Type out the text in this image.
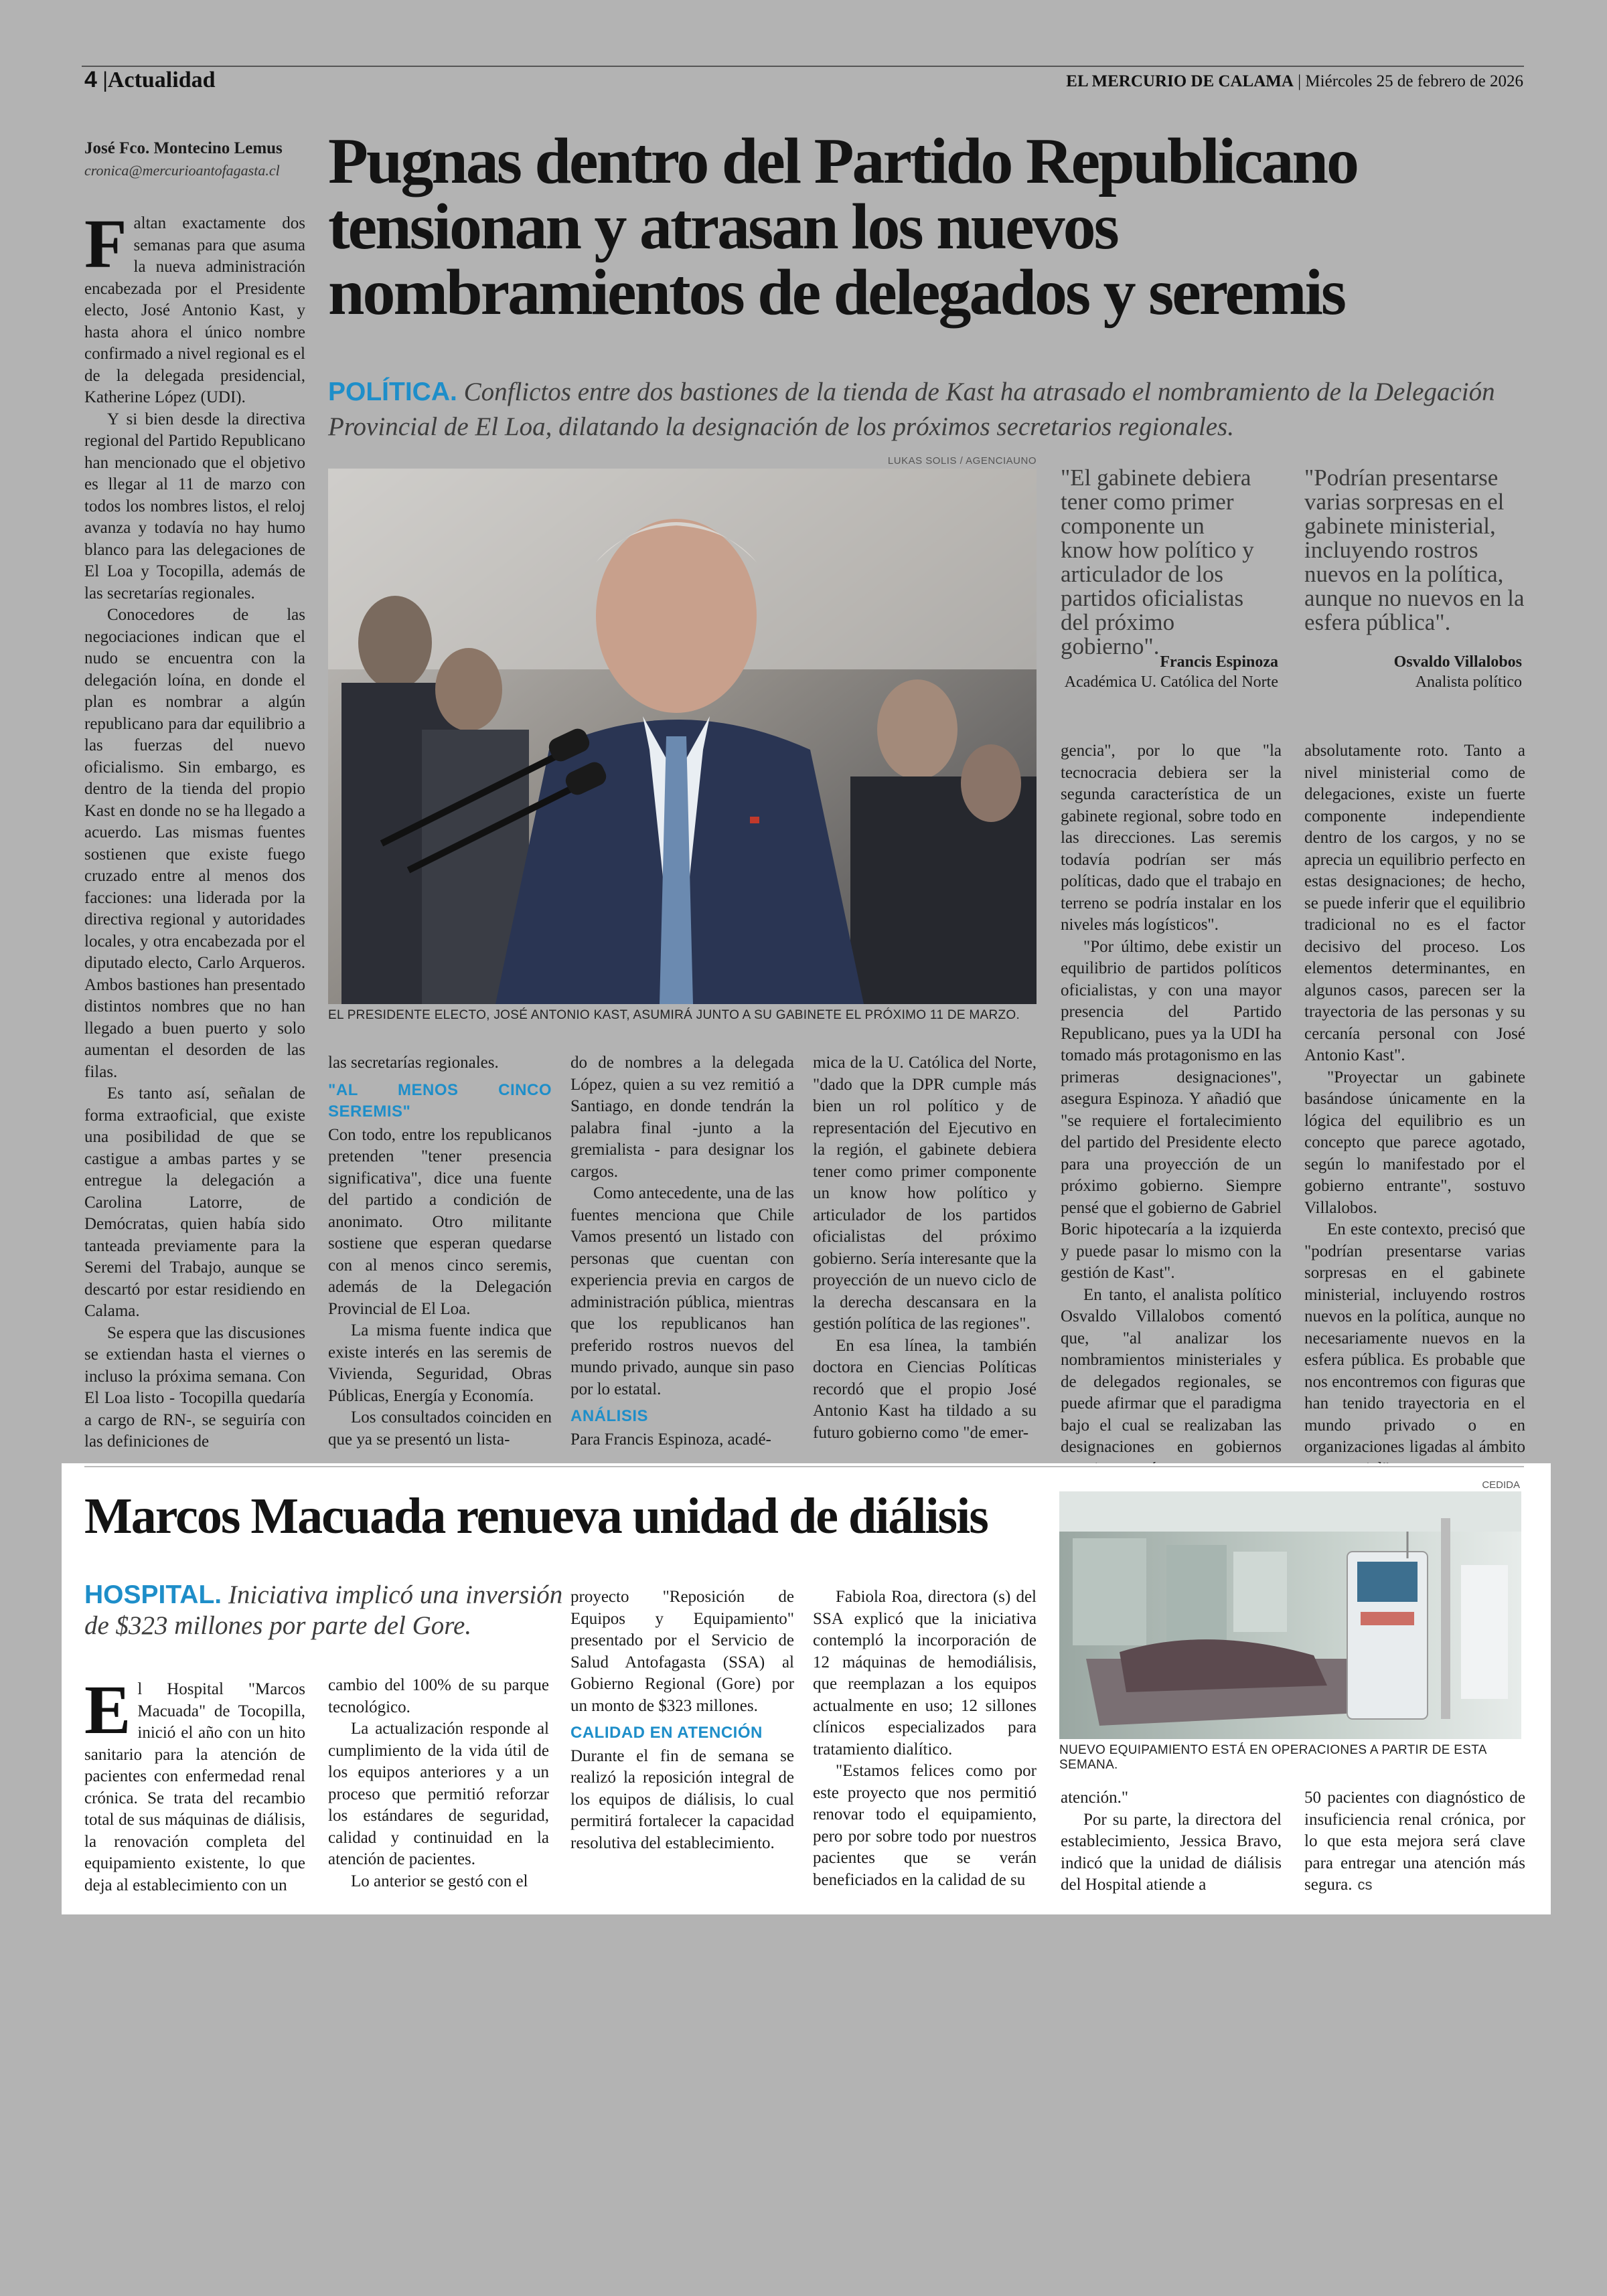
4 |Actualidad	EL MERCURIO DE CALAMA | Miércoles 25 de febrero de 2026
José Fco. Montecino Lemus
cronica@mercurioantofagasta.cl Pugnas dentro del Partido Republicano
tensionan y atrasan los nuevos
nombramientos de delegados y seremis
POLÍTICA. Conflictos entre dos bastiones de la tienda de Kast ha atrasado el nombramiento de la Delegación Provincial de El Loa, dilatando la designación de los próximos secretarios regionales.

Faltan exactamente dos semanas para que asuma la nueva administración encabezada por el Presidente electo, José Antonio Kast, y hasta ahora el único nombre confirmado a nivel regional es el de la delegada presidencial, Katherine López (UDI).

Y si bien desde la directiva regional del Partido Republicano han mencionado que el objetivo es llegar al 11 de marzo con todos los nombres listos, el reloj avanza y todavía no hay humo blanco para las delegaciones de El Loa y Tocopilla, además de las secretarías regionales.

Conocedores de las negociaciones indican que el nudo se encuentra con la delegación loína, en donde el plan es nombrar a algún republicano para dar equilibrio a las fuerzas del nuevo oficialismo. Sin embargo, es dentro de la tienda del propio Kast en donde no se ha llegado a acuerdo. Las mismas fuentes sostienen que existe fuego cruzado entre al menos dos facciones: una liderada por la directiva regional y autoridades locales, y otra encabezada por el diputado electo, Carlo Arqueros. Ambos bastiones han presentado distintos nombres que no han llegado a buen puerto y solo aumentan el desorden de las filas.

Es tanto así, señalan de forma extraoficial, que existe una posibilidad de que se castigue a ambas partes y se entregue la delegación a Carolina Latorre, de Demócratas, quien había sido tanteada previamente para la Seremi del Trabajo, aunque se descartó por estar residiendo en Calama.

Se espera que las discusiones se extiendan hasta el viernes o incluso la próxima semana. Con El Loa listo - Tocopilla quedaría a cargo de RN-, se seguiría con las definiciones de

LUKAS SOLIS / AGENCIAUNO
EL PRESIDENTE ELECTO, JOSÉ ANTONIO KAST, ASUMIRÁ JUNTO A SU GABINETE EL PRÓXIMO 11 DE MARZO.
"El gabinete debiera tener como primer componente un know how político y articulador de los partidos oficialistas del próximo gobierno".
Francis Espinoza
Académica U. Católica del Norte
"Podrían presentarse varias sorpresas en el gabinete ministerial, incluyendo rostros nuevos en la política, aunque no nuevos en la esfera pública".
Osvaldo Villalobos
Analista político

las secretarías regionales.

"AL MENOS CINCO SEREMIS"

Con todo, entre los republicanos pretenden "tener presencia significativa", dice una fuente del partido a condición de anonimato. Otro militante sostiene que esperan quedarse con al menos cinco seremis, además de la Delegación Provincial de El Loa.

La misma fuente indica que existe interés en las seremis de Vivienda, Seguridad, Obras Públicas, Energía y Economía.

Los consultados coinciden en que ya se presentó un lista-

do de nombres a la delegada López, quien a su vez remitió a Santiago, en donde tendrán la palabra final -junto a la gremialista - para designar los cargos.

Como antecedente, una de las fuentes menciona que Chile Vamos presentó un listado con personas que cuentan con experiencia previa en cargos de administración pública, mientras que los republicanos han preferido rostros nuevos del mundo privado, aunque sin paso por lo estatal.

ANÁLISIS

Para Francis Espinoza, acadé-

mica de la U. Católica del Norte, "dado que la DPR cumple más bien un rol político y de representación del Ejecutivo en la región, el gabinete debiera tener como primer componente un know how político y articulador de los partidos oficialistas del próximo gobierno. Sería interesante que la proyección de un nuevo ciclo de la derecha descansara en la gestión política de las regiones".

En esa línea, la también doctora en Ciencias Políticas recordó que el propio José Antonio Kast ha tildado a su futuro gobierno como "de emer-

gencia", por lo que "la tecnocracia debiera ser la segunda característica de un gabinete regional, sobre todo en las direcciones. Las seremis todavía podrían ser más políticas, dado que el trabajo en terreno se podría instalar en los niveles más logísticos".

"Por último, debe existir un equilibrio de partidos políticos oficialistas, y con una mayor presencia del Partido Republicano, pues ya la UDI ha tomado más protagonismo en las primeras designaciones", asegura Espinoza. Y añadió que "se requiere el fortalecimiento del partido del Presidente electo para una proyección de un próximo gobierno. Siempre pensé que el gobierno de Gabriel Boric hipotecaría a la izquierda y puede pasar lo mismo con la gestión de Kast".

En tanto, el analista político Osvaldo Villalobos comentó que, "al analizar los nombramientos ministeriales y de delegados regionales, se puede afirmar que el paradigma bajo el cual se realizaban las designaciones en gobiernos

absolutamente roto. Tanto a nivel ministerial como de delegaciones, existe un fuerte componente independiente dentro de los cargos, y no se aprecia un equilibrio perfecto en estas designaciones; de hecho, se puede inferir que el equilibrio tradicional no es el factor decisivo del proceso. Los elementos determinantes, en algunos casos, parecen ser la trayectoria de las personas y su cercanía personal con José Antonio Kast".

"Proyectar un gabinete basándose únicamente en la lógica del equilibrio es un concepto que parece agotado, según lo manifestado por el gobierno entrante", sostuvo Villalobos.

En este contexto, precisó que "podrían presentarse varias sorpresas en el gabinete ministerial, incluyendo rostros nuevos en la política, aunque no necesariamente nuevos en la esfera pública. Es probable que nos encontremos con figuras que han tenido trayectoria en el mundo privado o en organizaciones ligadas al ámbito

Marcos Macuada renueva unidad de diálisis
HOSPITAL. Iniciativa implicó una inversión de $323 millones por parte del Gore.
CEDIDA
NUEVO EQUIPAMIENTO ESTÁ EN OPERACIONES A PARTIR DE ESTA SEMANA.

El Hospital "Marcos Macuada" de Tocopilla, inició el año con un hito sanitario para la atención de pacientes con enfermedad renal crónica. Se trata del recambio total de sus máquinas de diálisis, la renovación completa del equipamiento existente, lo que deja al establecimiento con un

cambio del 100% de su parque tecnológico.

La actualización responde al cumplimiento de la vida útil de los equipos anteriores y a un proceso que permitió reforzar los estándares de seguridad, calidad y continuidad en la atención de pacientes.

Lo anterior se gestó con el

proyecto "Reposición de Equipos y Equipamiento" presentado por el Servicio de Salud Antofagasta (SSA) al Gobierno Regional (Gore) por un monto de $323 millones.

CALIDAD EN ATENCIÓN

Durante el fin de semana se realizó la reposición integral de los equipos de diálisis, lo cual permitirá fortalecer la capacidad resolutiva del establecimiento.

Fabiola Roa, directora (s) del SSA explicó que la iniciativa contempló la incorporación de 12 máquinas de hemodiálisis, que reemplazan a los equipos actualmente en uso; 12 sillones clínicos especializados para tratamiento dialítico.

"Estamos felices como por este proyecto que nos permitió renovar todo el equipamiento, pero por sobre todo por nuestros pacientes que se verán beneficiados en la calidad de su

atención."

Por su parte, la directora del establecimiento, Jessica Bravo, indicó que la unidad de diálisis del Hospital atiende a

50 pacientes con diagnóstico de insuficiencia renal crónica, por lo que esta mejora será clave para entregar una atención más segura. cs
